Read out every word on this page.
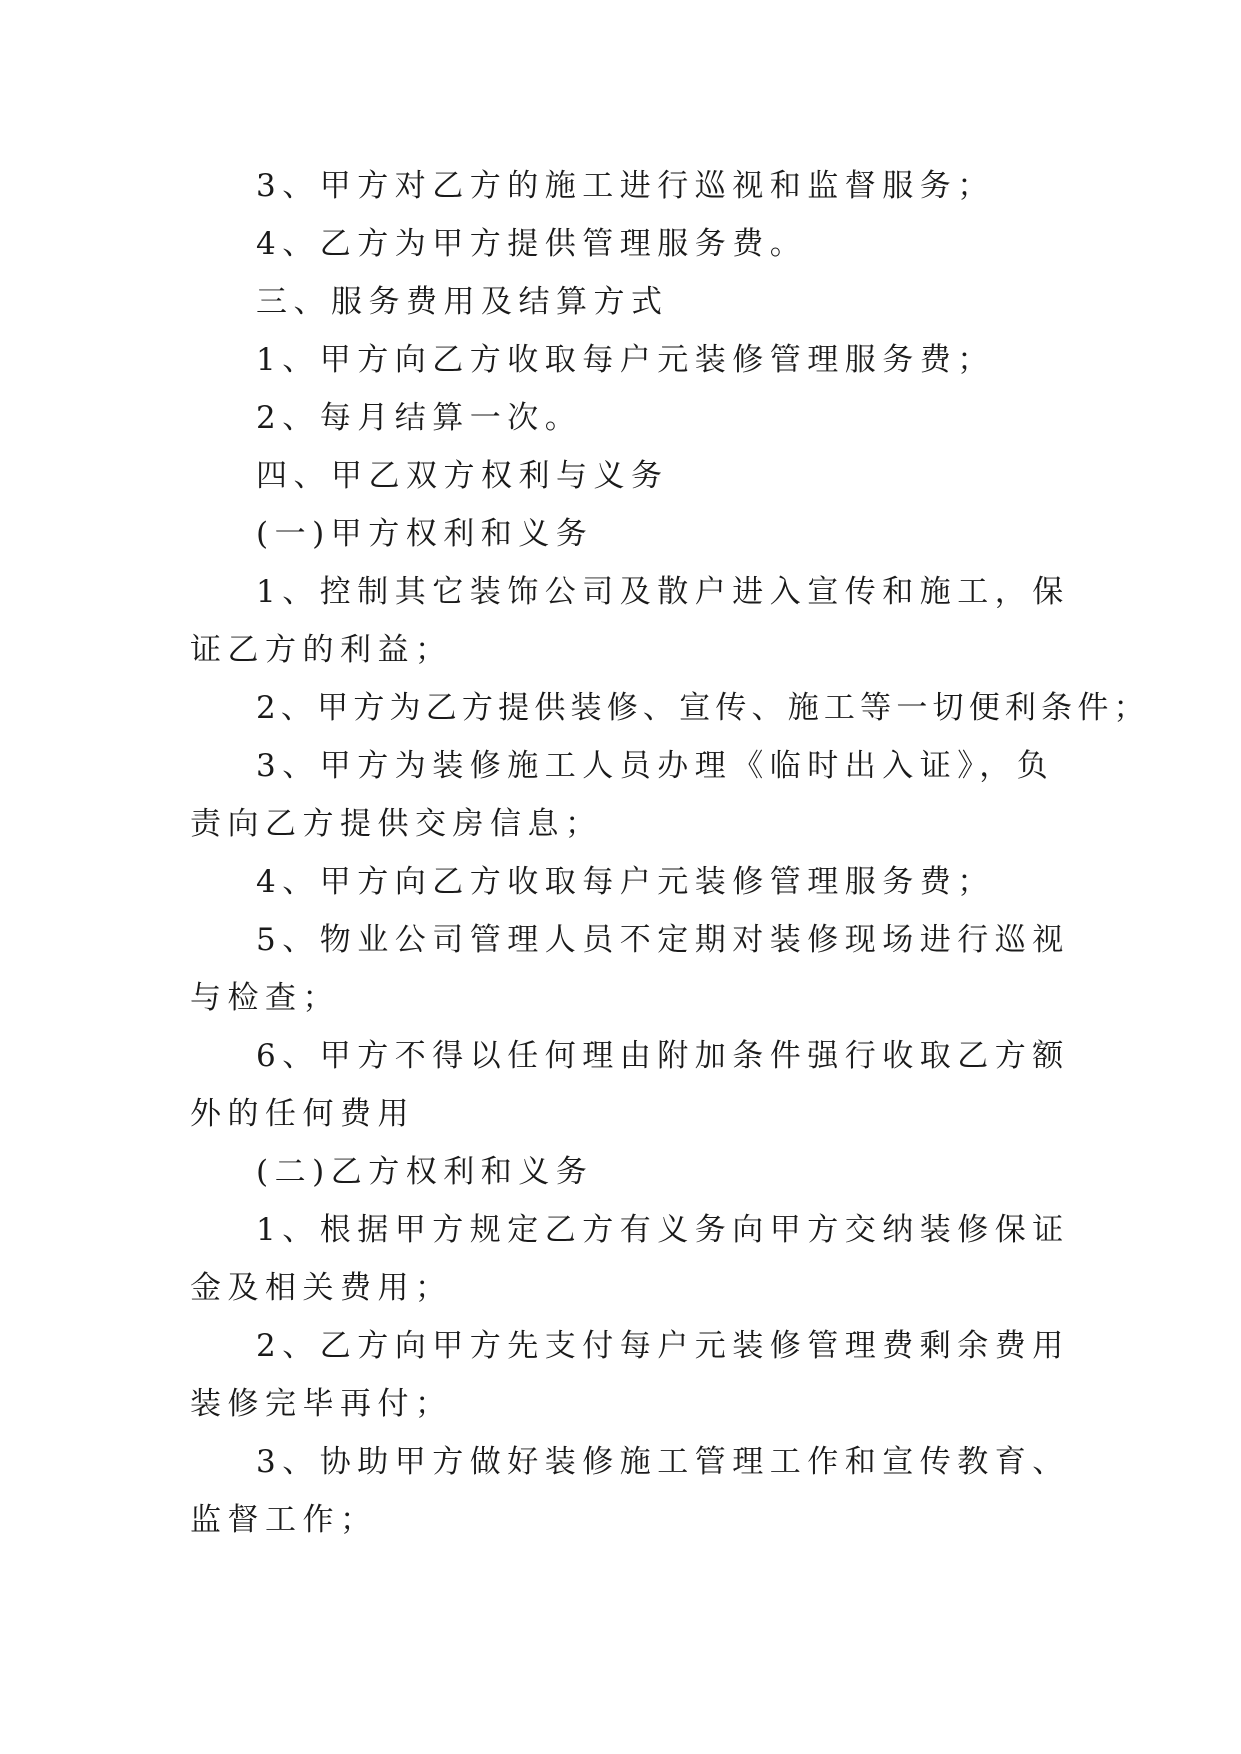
3、甲方对乙方的施工进行巡视和监督服务；

4、乙方为甲方提供管理服务费。

三、服务费用及结算方式

1、甲方向乙方收取每户元装修管理服务费；

2、每月结算一次。

四、甲乙双方权利与义务

(一)甲方权利和义务

1、控制其它装饰公司及散户进入宣传和施工，保证乙方的利益；

2、甲方为乙方提供装修、宣传、施工等一切便利条件；

3、甲方为装修施工人员办理《临时出入证》，负责向乙方提供交房信息；

4、甲方向乙方收取每户元装修管理服务费；

5、物业公司管理人员不定期对装修现场进行巡视与检查；

6、甲方不得以任何理由附加条件强行收取乙方额外的任何费用

(二)乙方权利和义务

1、根据甲方规定乙方有义务向甲方交纳装修保证金及相关费用；

2、乙方向甲方先支付每户元装修管理费剩余费用装修完毕再付；

3、协助甲方做好装修施工管理工作和宣传教育、监督工作；
